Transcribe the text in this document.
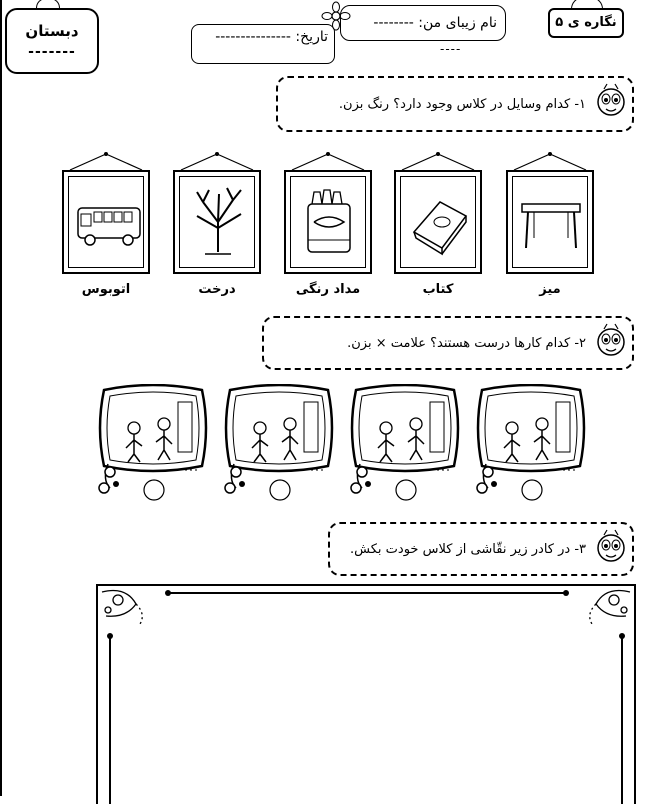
دبستان
-------
تاریخ: ---------------
نام زیبای من: --------
----
نگاره ی ۵
۱- کدام وسایل در کلاس وجود دارد؟ رنگ بزن.
میز
کتاب
مداد رنگی
درخت
اتوبوس
۲- کدام کارها درست هستند؟ علامت × بزن.
۳- در کادر زیر نقّاشی از کلاس خودت بکش.
